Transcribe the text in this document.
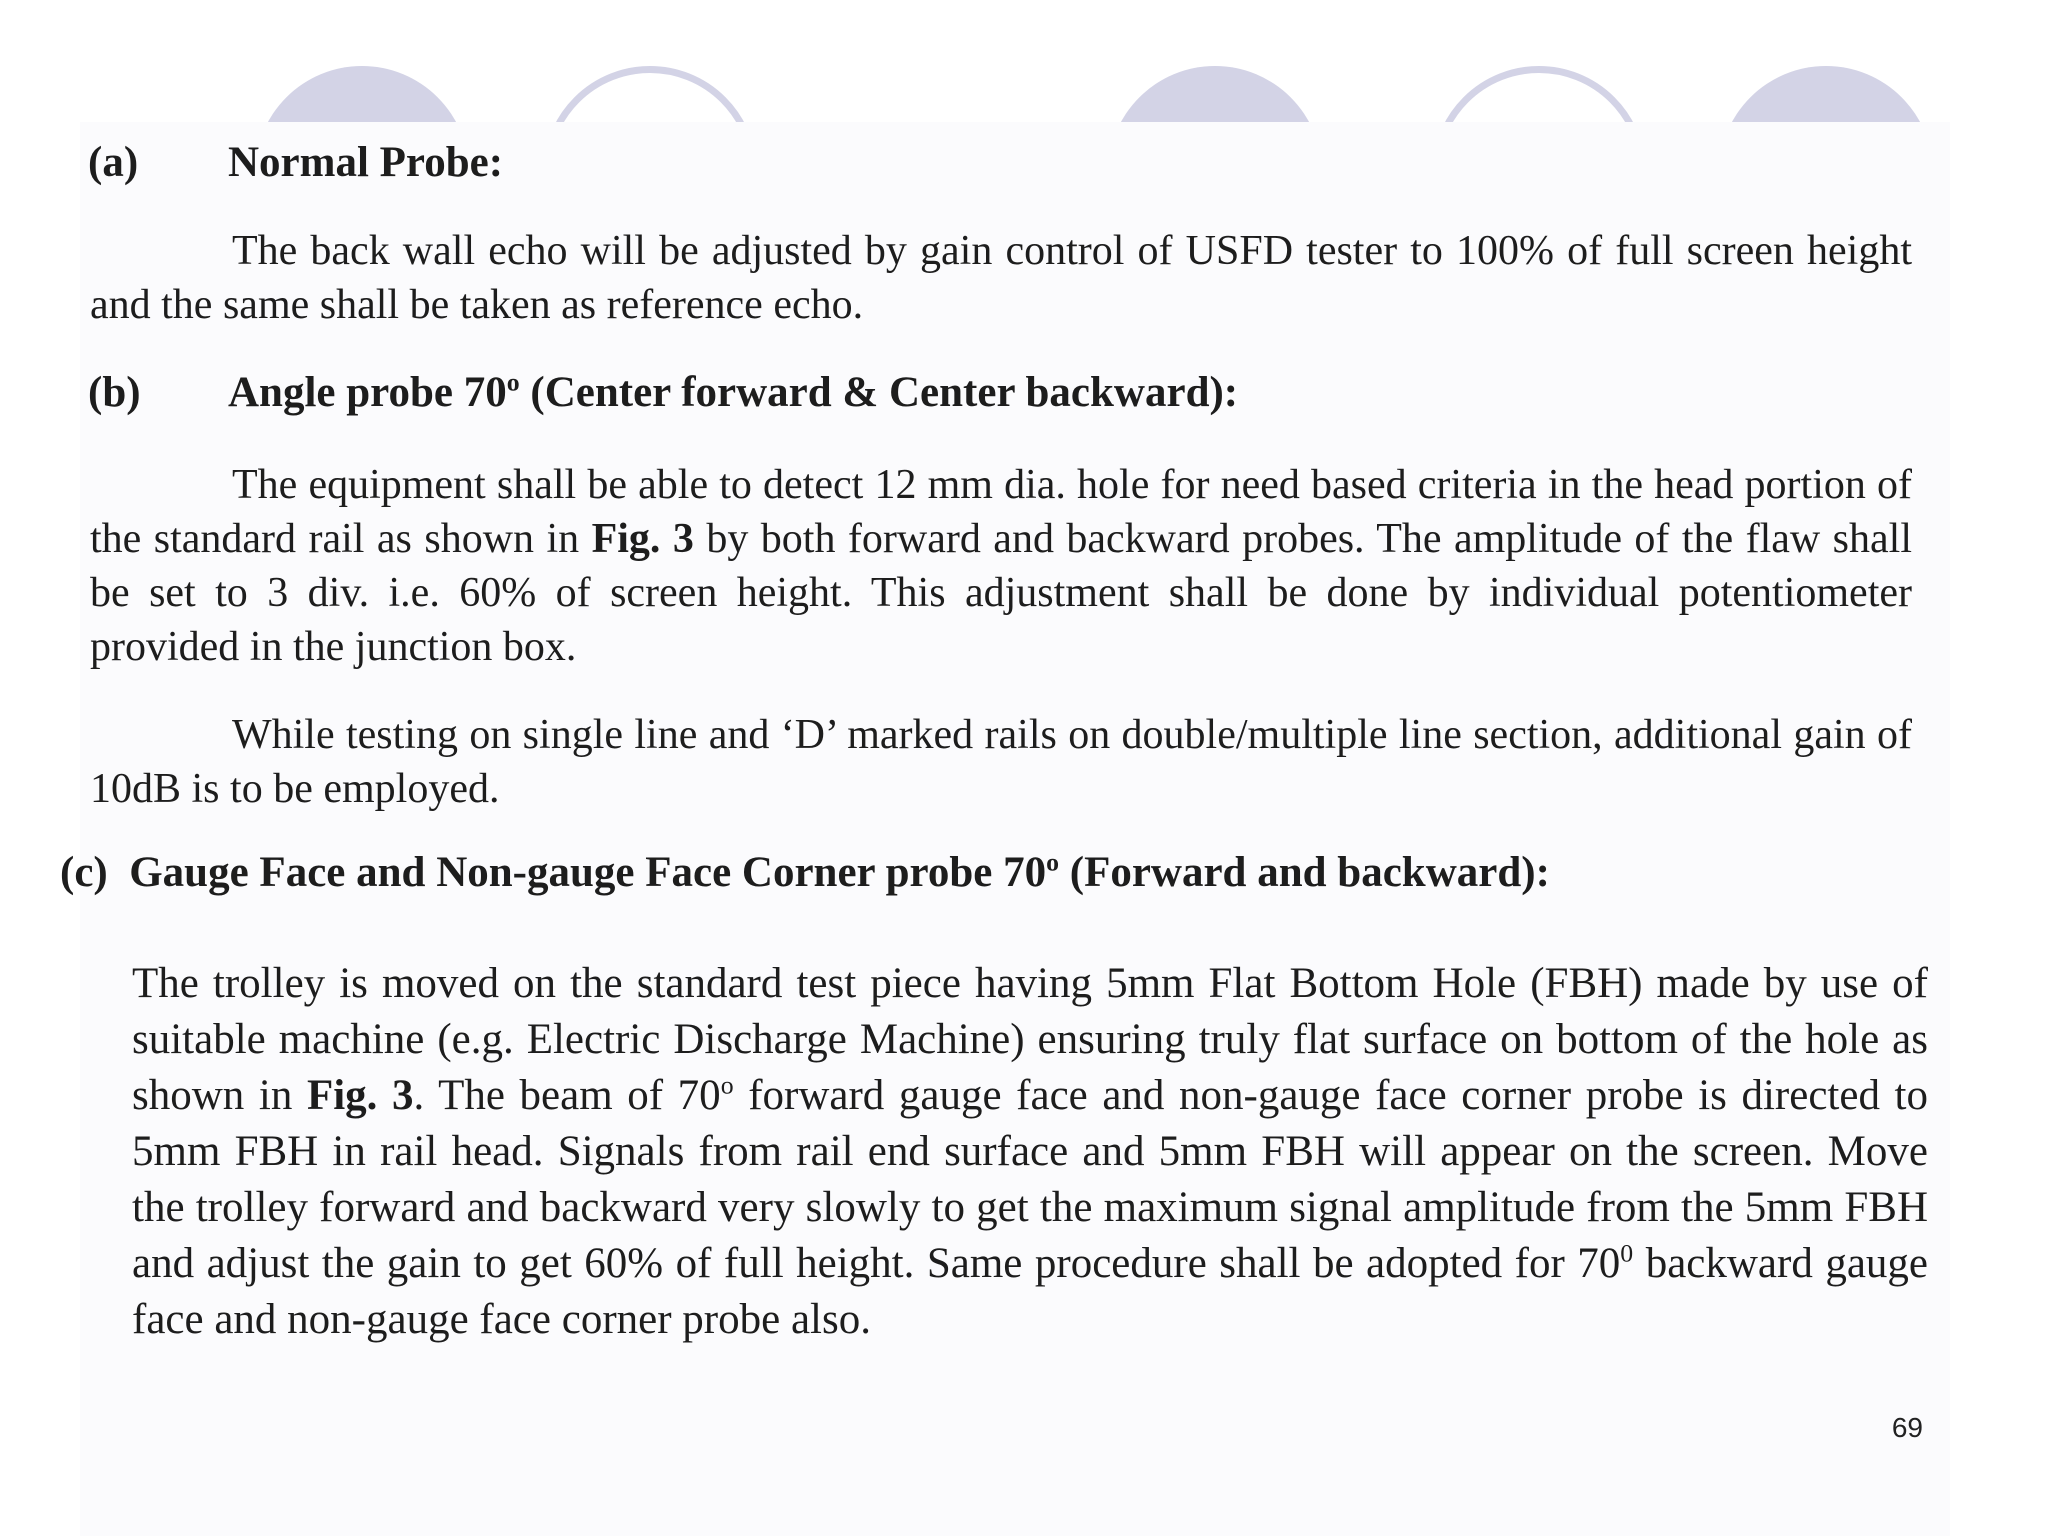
(a) Normal Probe:

The back wall echo will be adjusted by gain control of USFD tester to 100% of full screen height and the same shall be taken as reference echo.

(b) Angle probe 70$^o$ (Center forward & Center backward):

The equipment shall be able to detect 12 mm dia. hole for need based criteria in the head portion of the standard rail as shown in Fig. 3 by both forward and backward probes. The amplitude of the flaw shall be set to 3 div. i.e. 60% of screen height. This adjustment shall be done by individual potentiometer provided in the junction box.

While testing on single line and ‘D’ marked rails on double/multiple line section, additional gain of 10dB is to be employed.

(c) Gauge Face and Non-gauge Face Corner probe 70$^o$ (Forward and backward):

The trolley is moved on the standard test piece having 5mm Flat Bottom Hole (FBH) made by use of suitable machine (e.g. Electric Discharge Machine) ensuring truly flat surface on bottom of the hole as shown in Fig. 3. The beam of 70$^o$ forward gauge face and non-gauge face corner probe is directed to 5mm FBH in rail head. Signals from rail end surface and 5mm FBH will appear on the screen. Move the trolley forward and backward very slowly to get the maximum signal amplitude from the 5mm FBH and adjust the gain to get 60% of full height. Same procedure shall be adopted for $70^0$ backward gauge face and non-gauge face corner probe also.

69
